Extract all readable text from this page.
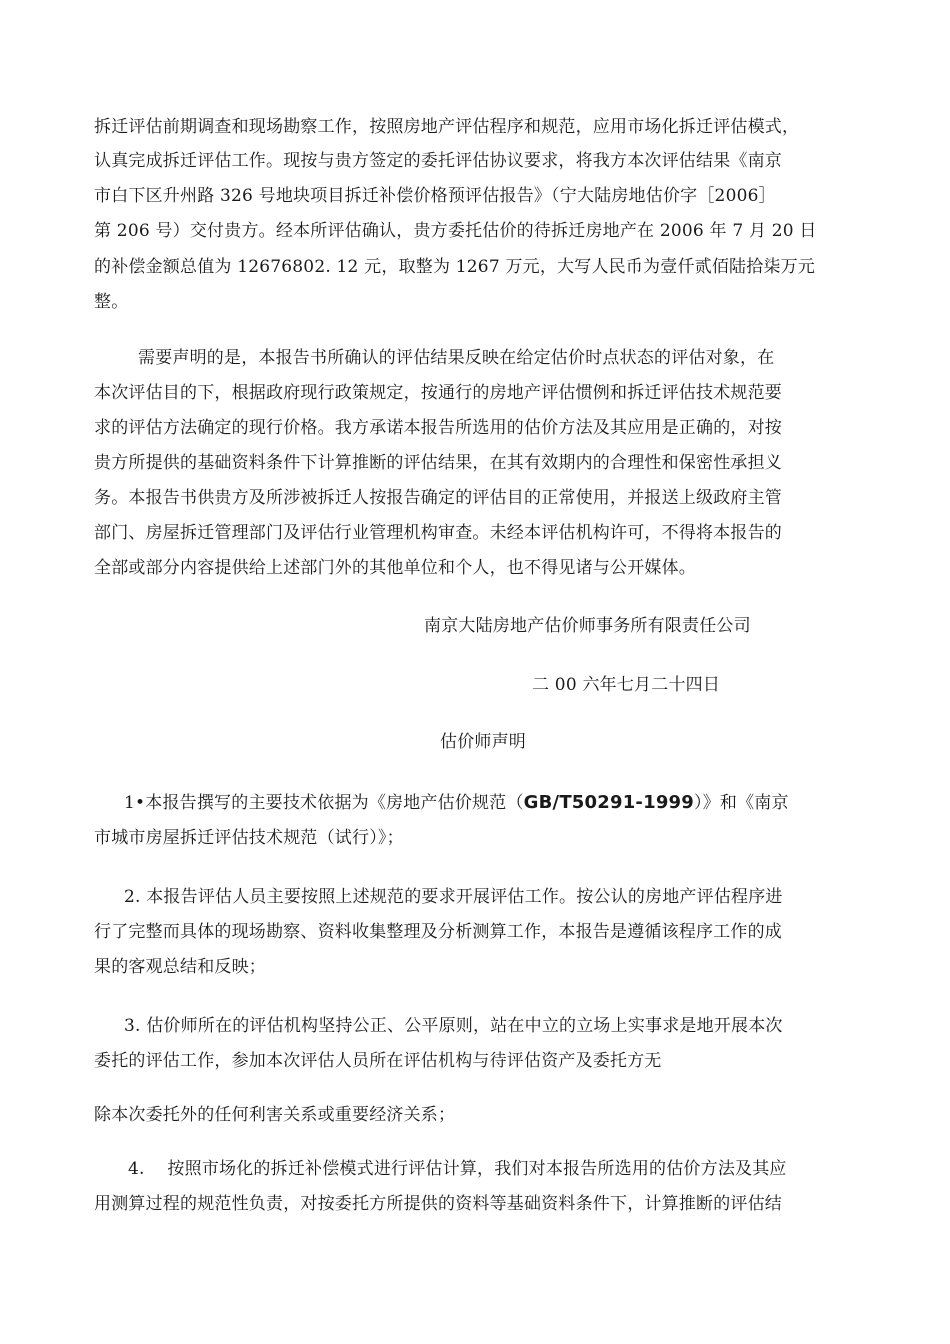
拆迁评估前期调查和现场勘察工作，按照房地产评估程序和规范，应用市场化拆迁评估模式，
认真完成拆迁评估工作。现按与贵方签定的委托评估协议要求，将我方本次评估结果《南京
市白下区升州路 326 号地块项目拆迁补偿价格预评估报告》（宁大陆房地估价字［2006］
第 206 号）交付贵方。经本所评估确认，贵方委托估价的待拆迁房地产在 2006 年 7 月 20 日
的补偿金额总值为 12676802. 12 元，取整为 1267 万元，大写人民币为壹仟贰佰陆拾柒万元
整。
需要声明的是，本报告书所确认的评估结果反映在给定估价时点状态的评估对象，在
本次评估目的下，根据政府现行政策规定，按通行的房地产评估惯例和拆迁评估技术规范要
求的评估方法确定的现行价格。我方承诺本报告所选用的估价方法及其应用是正确的，对按
贵方所提供的基础资料条件下计算推断的评估结果，在其有效期内的合理性和保密性承担义
务。本报告书供贵方及所涉被拆迁人按报告确定的评估目的正常使用，并报送上级政府主管
部门、房屋拆迁管理部门及评估行业管理机构审查。未经本评估机构许可，不得将本报告的
全部或部分内容提供给上述部门外的其他单位和个人，也不得见诸与公开媒体。
南京大陆房地产估价师事务所有限责任公司
二 00 六年七月二十四日
估价师声明
1•本报告撰写的主要技术依据为《房地产估价规范（GB/T50291-1999）》和《南京
市城市房屋拆迁评估技术规范（试行）》；
2. 本报告评估人员主要按照上述规范的要求开展评估工作。按公认的房地产评估程序进
行了完整而具体的现场勘察、资料收集整理及分析测算工作，本报告是遵循该程序工作的成
果的客观总结和反映；
3. 估价师所在的评估机构坚持公正、公平原则，站在中立的立场上实事求是地开展本次
委托的评估工作，参加本次评估人员所在评估机构与待评估资产及委托方无
除本次委托外的任何利害关系或重要经济关系；
4.　 按照市场化的拆迁补偿模式进行评估计算，我们对本报告所选用的估价方法及其应
用测算过程的规范性负责，对按委托方所提供的资料等基础资料条件下，计算推断的评估结
